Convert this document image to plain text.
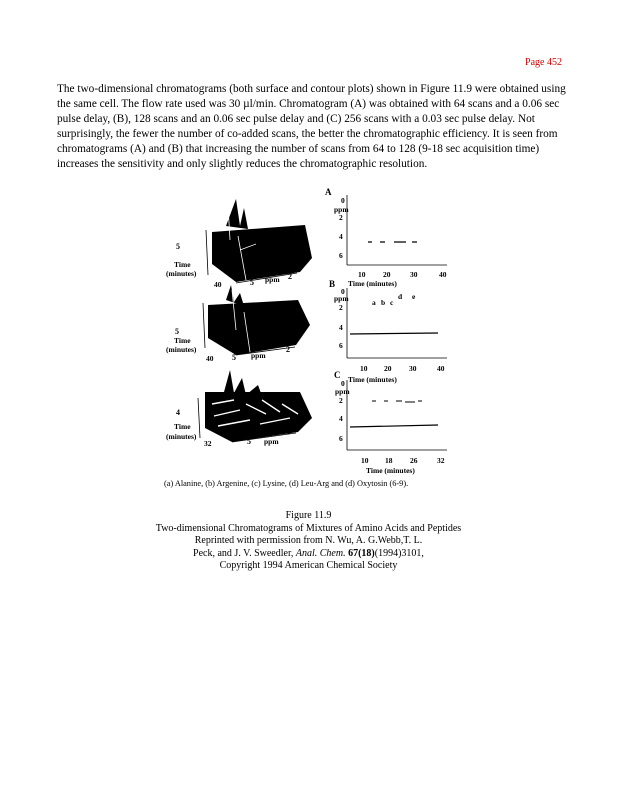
Page 452

The two-dimensional chromatograms (both surface and contour plots) shown in Figure 11.9 were obtained using the same cell. The flow rate used was 30 µl/min. Chromatogram (A) was obtained with 64 scans and a 0.06 sec pulse delay, (B), 128 scans and an 0.06 sec pulse delay and (C) 256 scans with a 0.03 sec pulse delay. Not surprisingly, the fewer the number of co-added scans, the better the chromatographic efficiency. It is seen from chromatograms (A) and (B) that increasing the number of scans from 64 to 128 (9-18 sec acquisition time) increases the sensitivity and only slightly reduces the chromatographic resolution.

5
Time
(minutes)
40	5 ppm 2
5
Time
(minutes)
40 5 ppm
2
4
Time
(minutes)
32	5 ppm
2
A
ppm
0
2
4
6
10 20	30	40
Time (minutes)
B
ppm
0
2
4
6
a b c
d e
10 20 30	40
C Time (minutes)
ppm
0
2
4
6
10 18 26	32
Time (minutes)
(a) Alanine, (b) Argenine, (c) Lysine, (d) Leu-Arg and (d) Oxytosin (6-9).
Figure 11.9
Two-dimensional Chromatograms of Mixtures of Amino Acids and Peptides
Reprinted with permission from N. Wu, A. G.Webb,T. L.
Peck, and J. V. Sweedler, Anal. Chem. 67(18)(1994)3101,
Copyright 1994 American Chemical Society
